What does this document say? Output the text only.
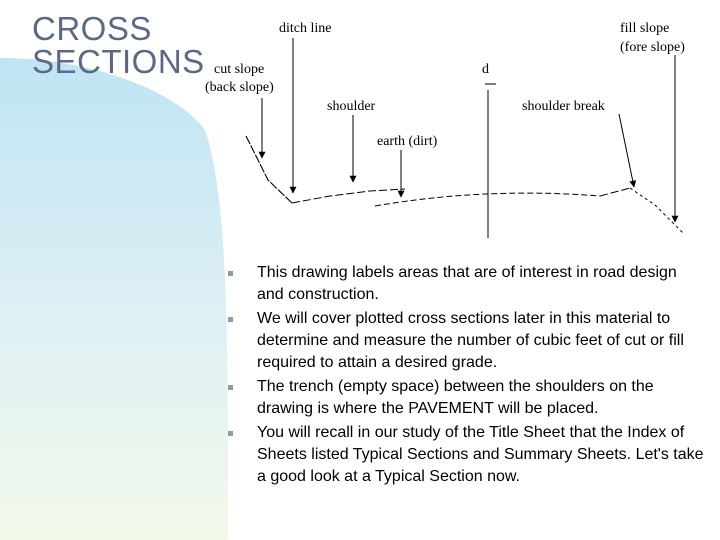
CROSS
SECTIONS
ditch line	fill slope
(fore slope)
cut slope
(back slope)
d
shoulder	shoulder break
earth (dirt)
This drawing labels areas that are of interest in road design and construction.
We will cover plotted cross sections later in this material to determine and measure the number of cubic feet of cut or fill required to attain a desired grade.
The trench (empty space) between the shoulders on the drawing is where the PAVEMENT will be placed.
You will recall in our study of the Title Sheet that the Index of Sheets listed Typical Sections and Summary Sheets. Let's take a good look at a Typical Section now.
